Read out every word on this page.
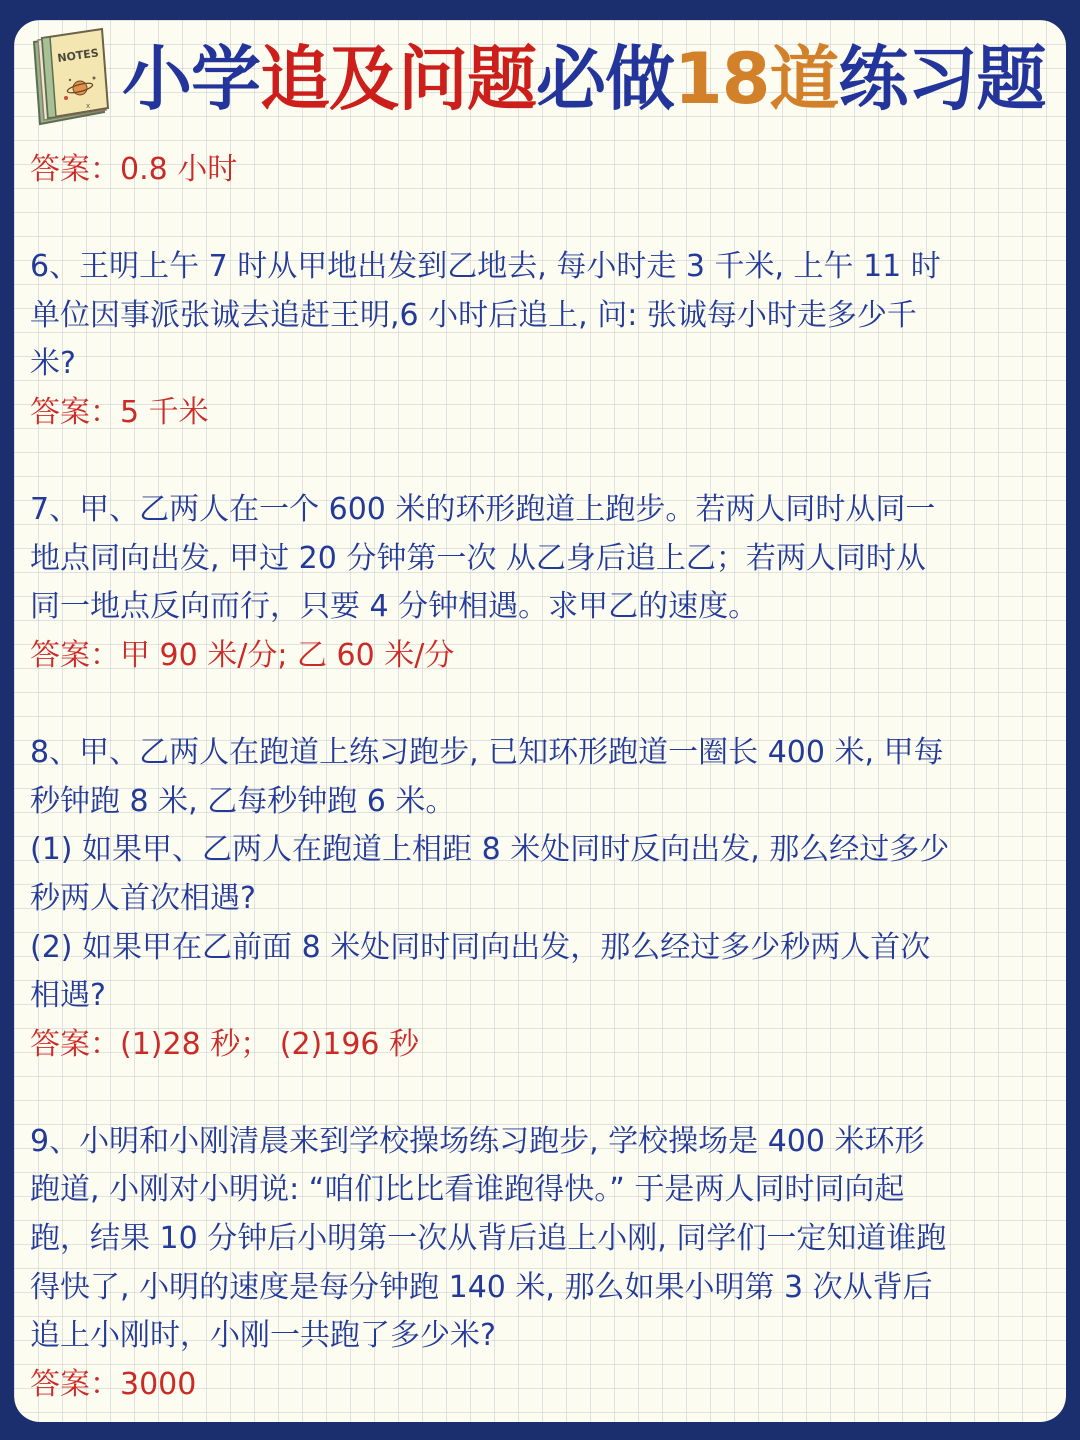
NOTES
x 小学追及问题必做18道练习题

答案：0.8 小时

6、王明上午 7 时从甲地出发到乙地去, 每小时走 3 千米, 上午 11 时

单位因事派张诚去追赶王明,6 小时后追上, 问: 张诚每小时走多少千

米?

答案：5 千米

7、甲、乙两人在一个 600 米的环形跑道上跑步。若两人同时从同一

地点同向出发, 甲过 20 分钟第一次 从乙身后追上乙；若两人同时从

同一地点反向而行，只要 4 分钟相遇。求甲乙的速度。

答案：甲 90 米/分; 乙 60 米/分

8、甲、乙两人在跑道上练习跑步, 已知环形跑道一圈长 400 米, 甲每

秒钟跑 8 米, 乙每秒钟跑 6 米。

(1) 如果甲、乙两人在跑道上相距 8 米处同时反向出发, 那么经过多少

秒两人首次相遇?

(2) 如果甲在乙前面 8 米处同时同向出发，那么经过多少秒两人首次

相遇?

答案：(1)28 秒； (2)196 秒

9、小明和小刚清晨来到学校操场练习跑步, 学校操场是 400 米环形

跑道, 小刚对小明说: “咱们比比看谁跑得快。” 于是两人同时同向起

跑，结果 10 分钟后小明第一次从背后追上小刚, 同学们一定知道谁跑

得快了, 小明的速度是每分钟跑 140 米, 那么如果小明第 3 次从背后

追上小刚时，小刚一共跑了多少米?

答案：3000
